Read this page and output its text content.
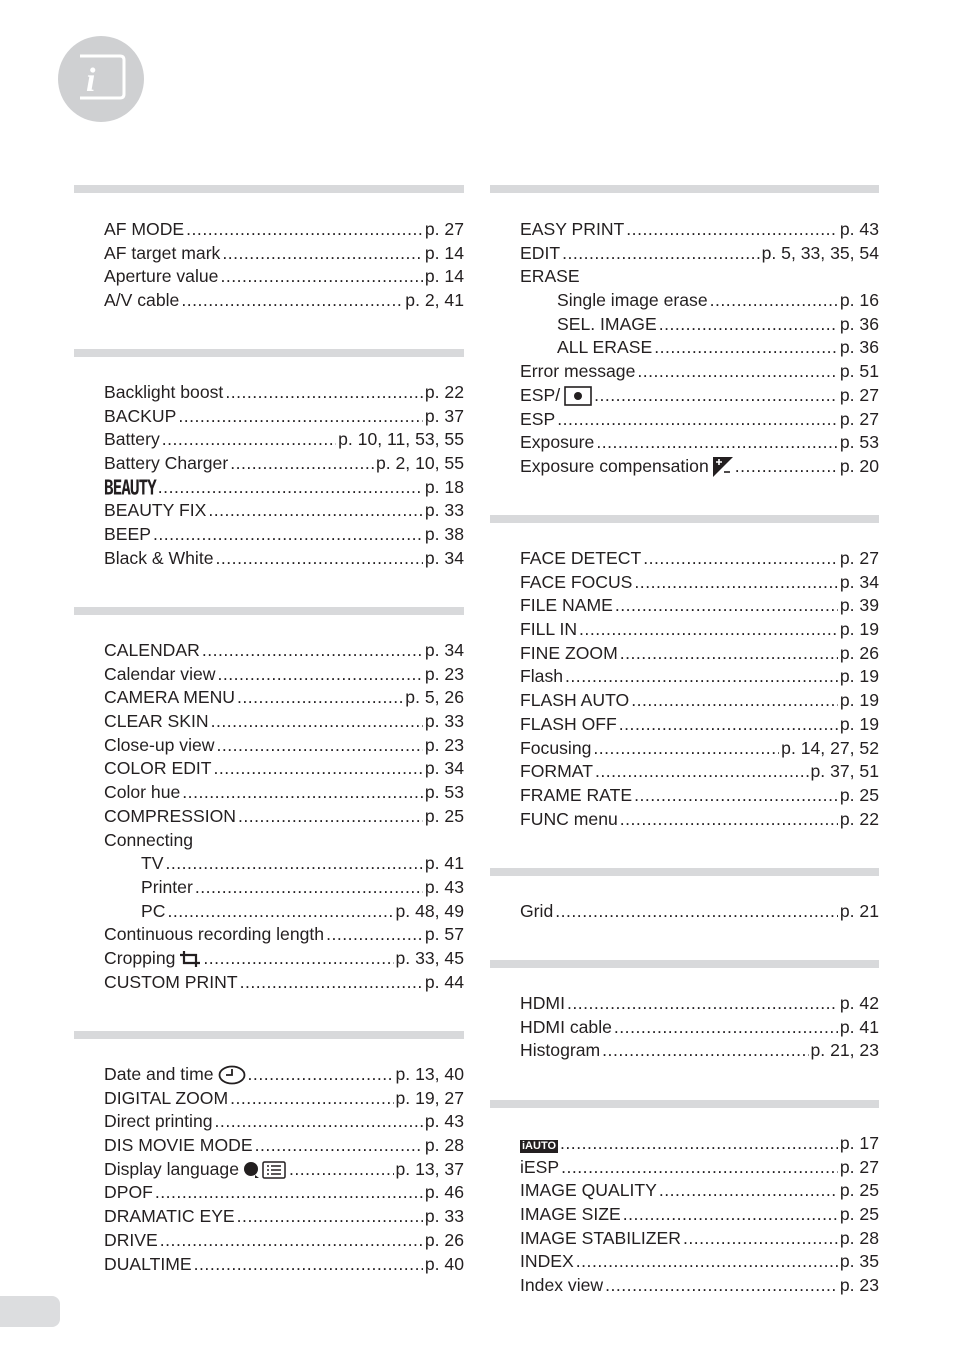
i
AF MODE .....	p. 27
AF target mark .....	p. 14
Aperture value .....	p. 14
A/V cable .....	p. 2, 41
Backlight boost .....	p. 22
BACKUP .....	p. 37
Battery .....	p. 10, 11, 53, 55
Battery Charger .....	p. 2, 10, 55
BEAUTY .....	p. 18
BEAUTY FIX .....	p. 33
BEEP .....	p. 38
Black & White .....	p. 34
CALENDAR .....	p. 34
Calendar view .....	p. 23
CAMERA MENU .....	p. 5, 26
CLEAR SKIN .....	p. 33
Close-up view .....	p. 23
COLOR EDIT .....	p. 34
Color hue .....	p. 53
COMPRESSION .....	p. 25
Connecting
TV .....	p. 41
Printer .....	p. 43
PC .....	p. 48, 49
Continuous recording length .....	p. 57
Cropping .....	p. 33, 45
CUSTOM PRINT .....	p. 44
Date and time .....	p. 13, 40
DIGITAL ZOOM .....	p. 19, 27
Direct printing .....	p. 43
DIS MOVIE MODE .....	p. 28
Display language .....	p. 13, 37
DPOF .....	p. 46
DRAMATIC EYE .....	p. 33
DRIVE .....	p. 26
DUALTIME .....	p. 40
EASY PRINT .....	p. 43
EDIT .....	p. 5, 33, 35, 54
ERASE
Single image erase .....	p. 16
SEL. IMAGE .....	p. 36
ALL ERASE .....	p. 36
Error message .....	p. 51
ESP/ .....	p. 27
ESP .....	p. 27
Exposure .....	p. 53
Exposure compensation .....	p. 20
FACE DETECT .....	p. 27
FACE FOCUS .....	p. 34
FILE NAME .....	p. 39
FILL IN .....	p. 19
FINE ZOOM .....	p. 26
Flash .....	p. 19
FLASH AUTO .....	p. 19
FLASH OFF .....	p. 19
Focusing .....	p. 14, 27, 52
FORMAT .....	p. 37, 51
FRAME RATE .....	p. 25
FUNC menu .....	p. 22
Grid .....	p. 21
HDMI .....	p. 42
HDMI cable .....	p. 41
Histogram .....	p. 21, 23
iAUTO .....	p. 17
iESP .....	p. 27
IMAGE QUALITY .....	p. 25
IMAGE SIZE .....	p. 25
IMAGE STABILIZER .....	p. 28
INDEX .....	p. 35
Index view .....	p. 23
